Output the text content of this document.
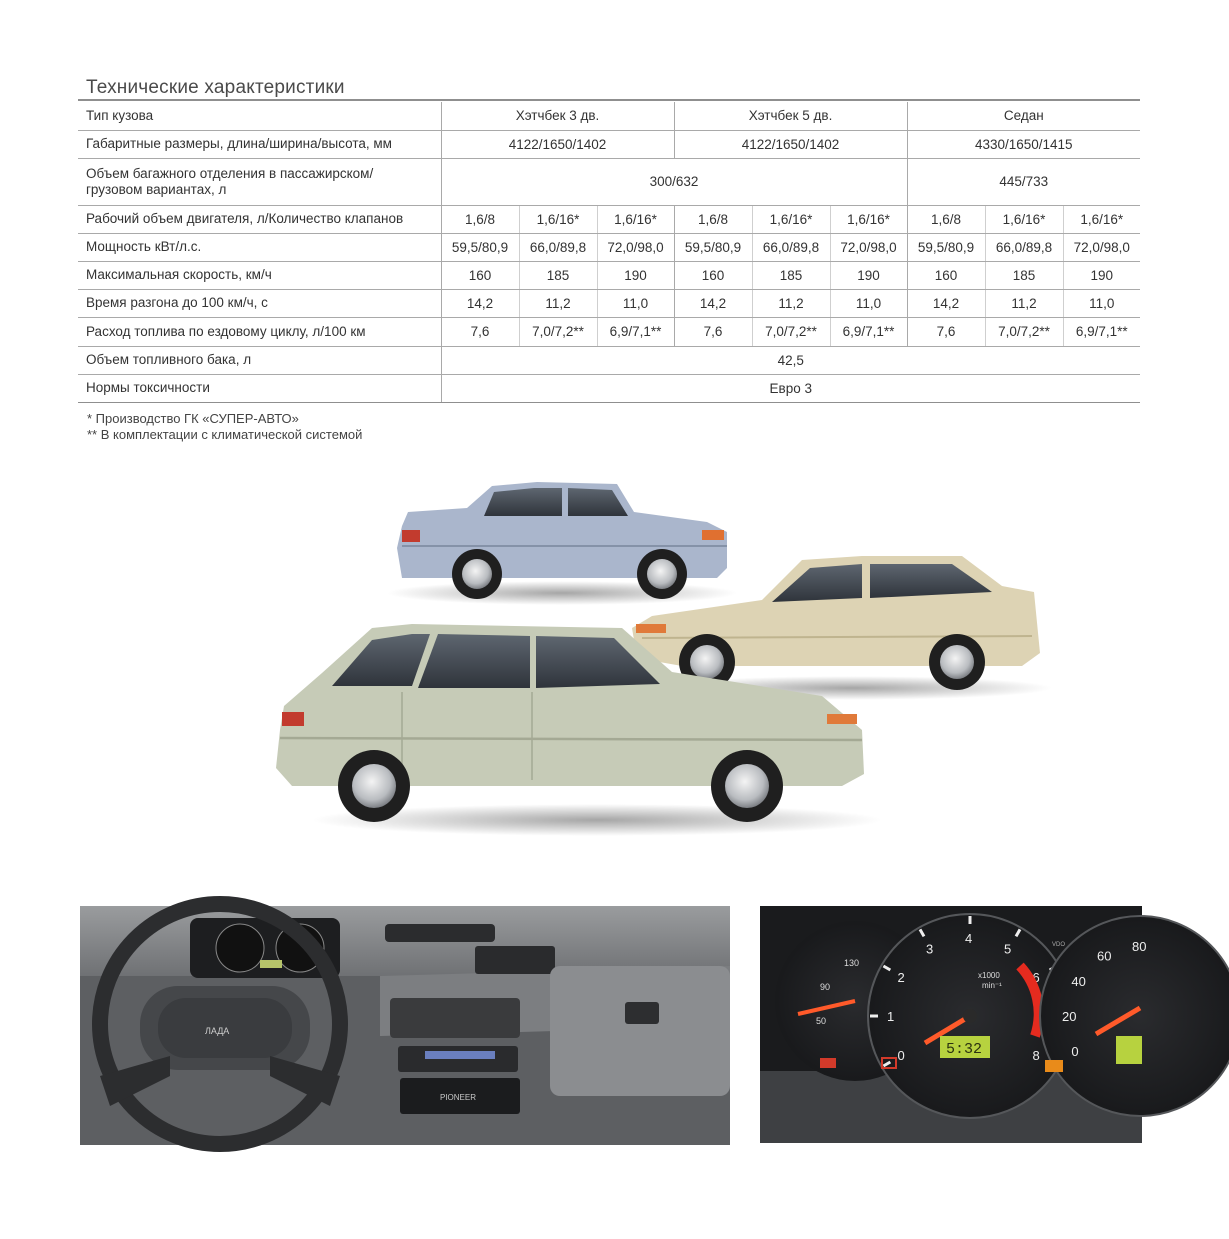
Технические характеристики
Тип кузова	Хэтчбек 3 дв.			Хэтчбек 5 дв.			Седан		
Габаритные размеры, длина/ширина/высота, мм	4122/1650/1402			4122/1650/1402			4330/1650/1415		
Объем багажного отделения в пассажирском/
грузовом вариантах, л	300/632						445/733		
Рабочий объем двигателя, л/Количество клапанов	1,6/8	1,6/16*	1,6/16*	1,6/8	1,6/16*	1,6/16*	1,6/8	1,6/16*	1,6/16*
Мощность кВт/л.с.	59,5/80,9	66,0/89,8	72,0/98,0	59,5/80,9	66,0/89,8	72,0/98,0	59,5/80,9	66,0/89,8	72,0/98,0
Максимальная скорость, км/ч	160	185	190	160	185	190	160	185	190
Время разгона до 100 км/ч, с	14,2	11,2	11,0	14,2	11,2	11,0	14,2	11,2	11,0
Расход топлива по ездовому циклу, л/100 км	7,6	7,0/7,2**	6,9/7,1**	7,6	7,0/7,2**	6,9/7,1**	7,6	7,0/7,2**	6,9/7,1**
Объем топливного бака, л	42,5								
Нормы токсичности	Евро 3								
* Производство ГК «СУПЕР-АВТО»
** В комплектации с климатической системой
PIONEER
ЛАДА
130
90
50
0
1
2
3
4
5
6
8
x1000
min⁻¹
5:32	0
20
40
60
80
VDO
